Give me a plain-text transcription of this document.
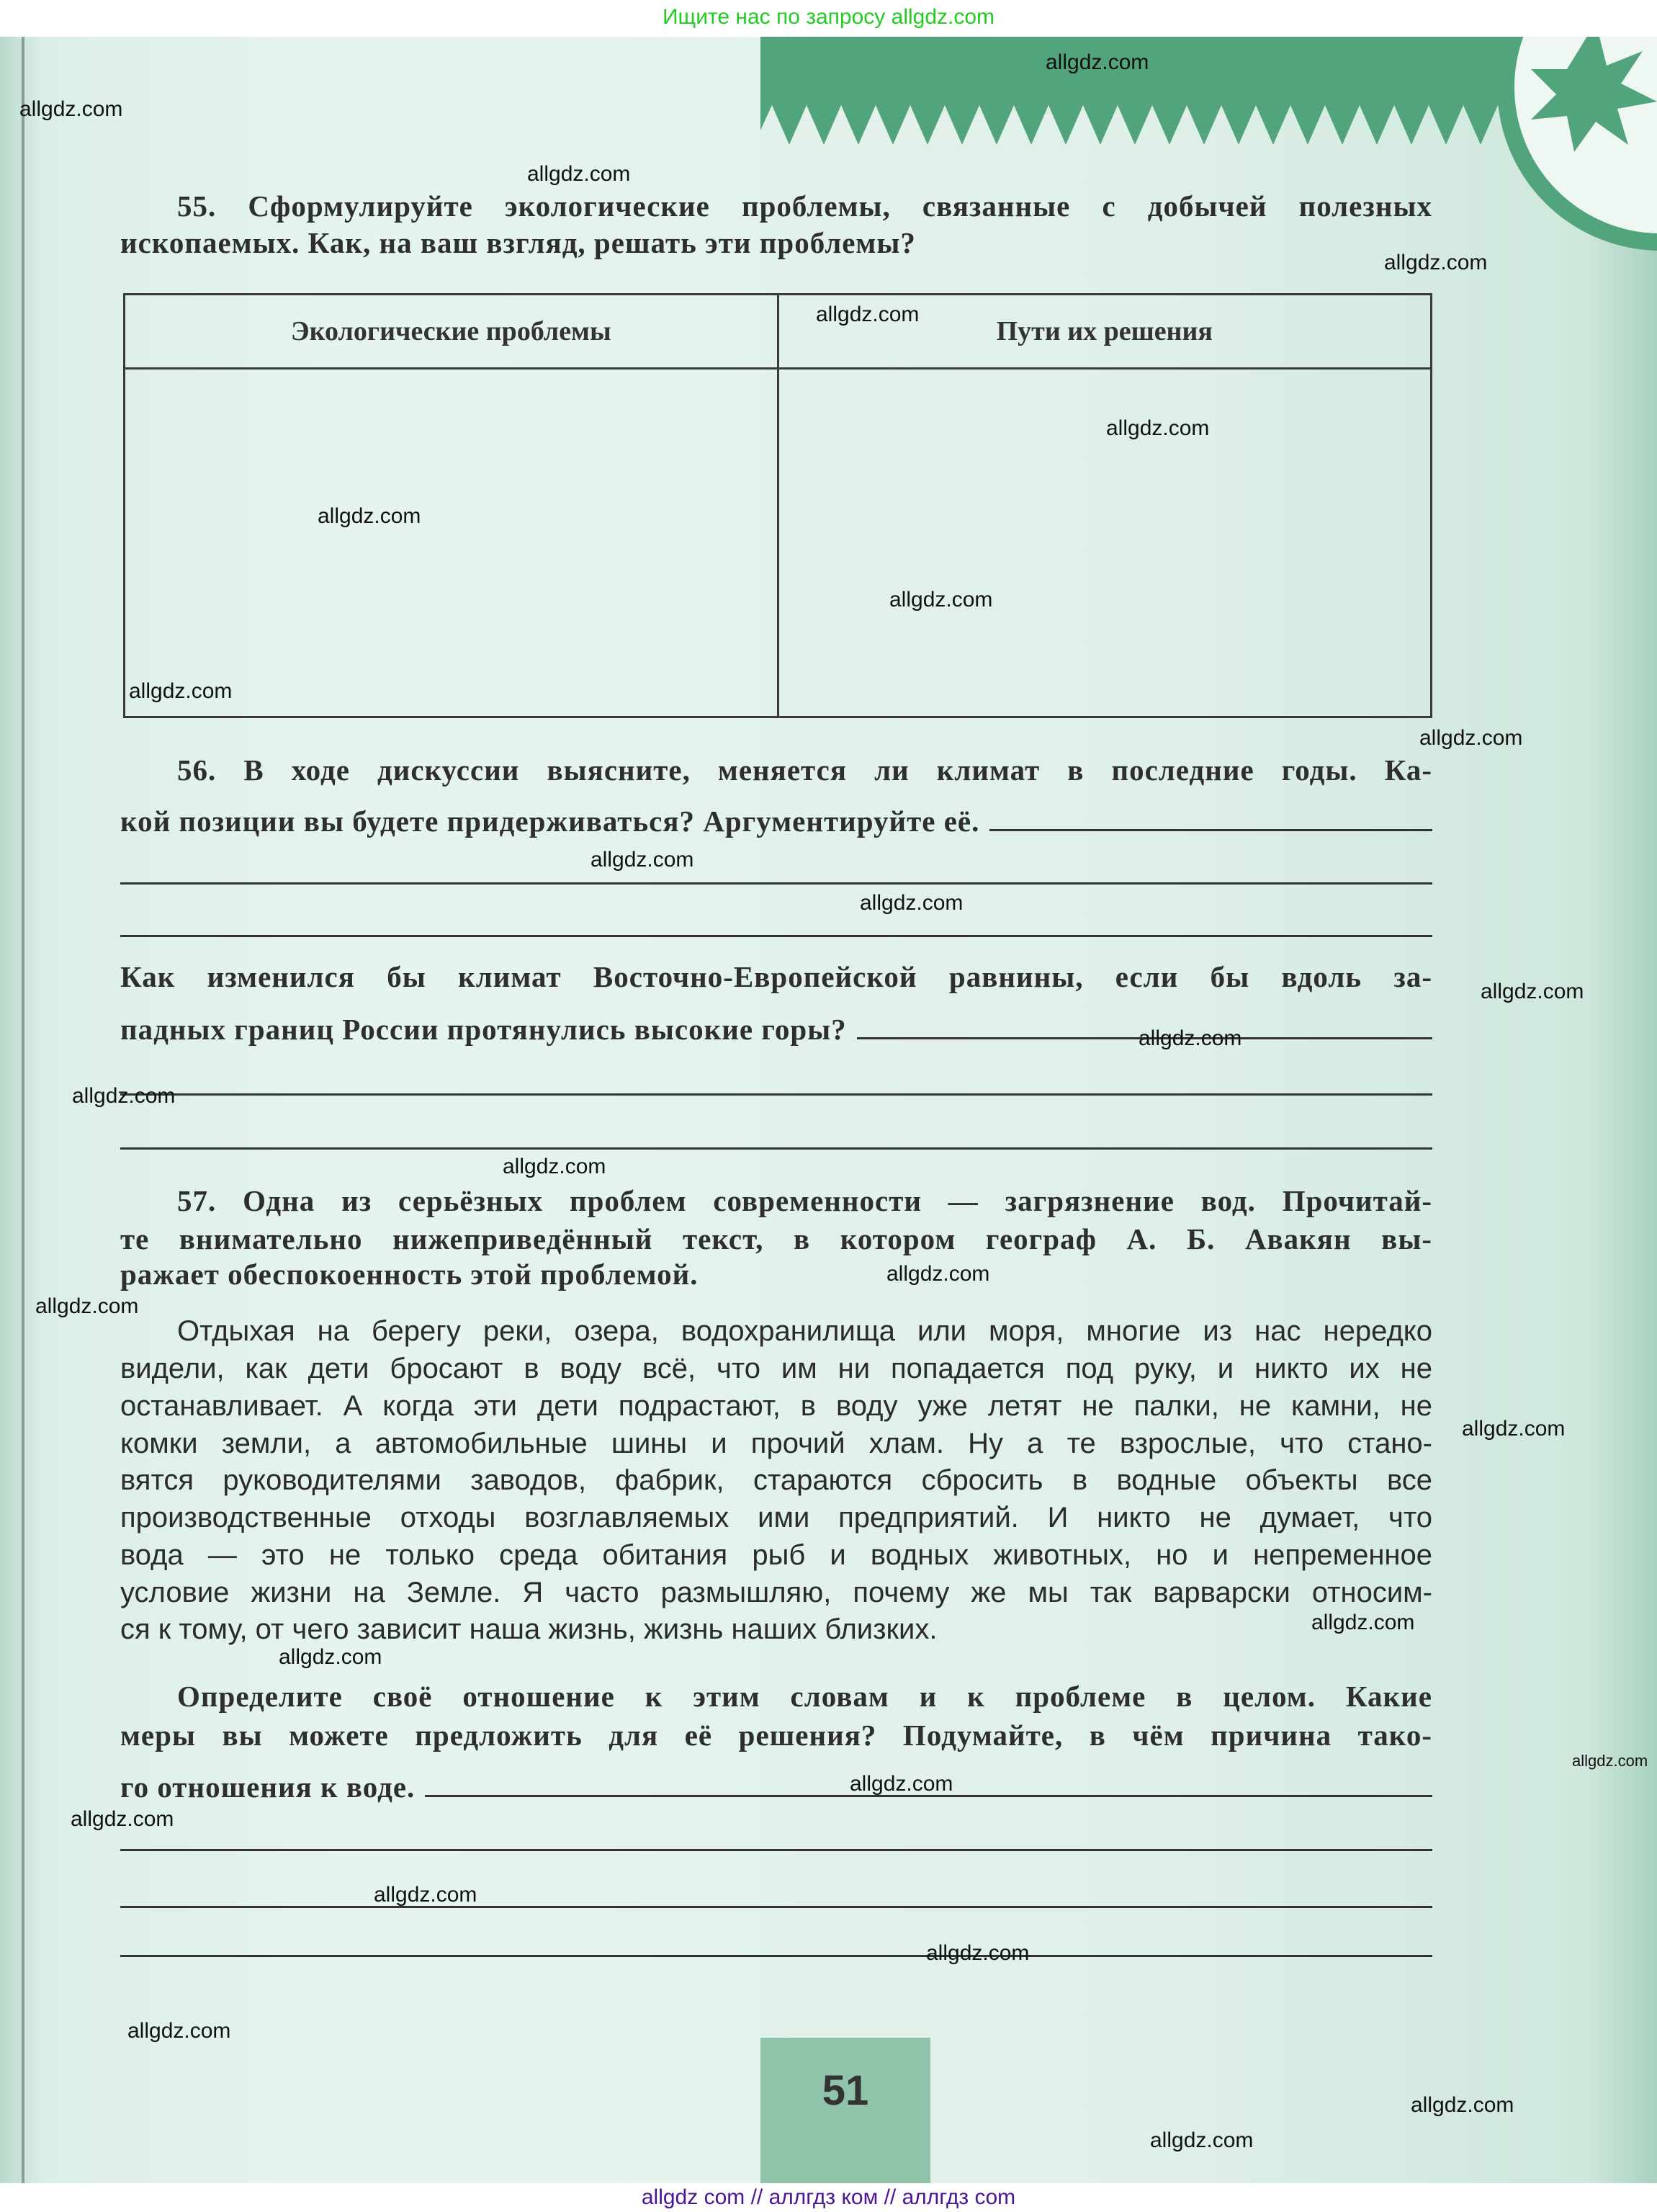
Ищите нас по запросу allgdz.com
55. Сформулируйте экологические проблемы, связанные с добычей полезных
ископаемых. Как, на ваш взгляд, решать эти проблемы?
Экологические проблемы	Пути их решения

56. В ходе дискуссии выясните, меняется ли климат в последние годы. Ка-
кой позиции вы будете придерживаться? Аргументируйте её.
Как изменился бы климат Восточно-Европейской равнины, если бы вдоль за-
падных границ России протянулись высокие горы?
57. Одна из серьёзных проблем современности — загрязнение вод. Прочитай-
те внимательно нижеприведённый текст, в котором географ А. Б. Авакян вы-
ражает обеспокоенность этой проблемой.
Отдыхая на берегу реки, озера, водохранилища или моря, многие из нас нередко
видели, как дети бросают в воду всё, что им ни попадается под руку, и никто их не
останавливает. А когда эти дети подрастают, в воду уже летят не палки, не камни, не
комки земли, а автомобильные шины и прочий хлам. Ну а те взрослые, что стано-
вятся руководителями заводов, фабрик, стараются сбросить в водные объекты все
производственные отходы возглавляемых ими предприятий. И никто не думает, что
вода — это не только среда обитания рыб и водных животных, но и непременное
условие жизни на Земле. Я часто размышляю, почему же мы так варварски относим-
ся к тому, от чего зависит наша жизнь, жизнь наших близких.
Определите своё отношение к этим словам и к проблеме в целом. Какие
меры вы можете предложить для её решения? Подумайте, в чём причина тако-
го отношения к воде.
51
allgdz.com
allgdz.com
allgdz.com
allgdz.com
allgdz.com
allgdz.com
allgdz.com
allgdz.com
allgdz.com
allgdz.com
allgdz.com
allgdz.com
allgdz.com
allgdz.com
allgdz.com
allgdz.com
allgdz.com
allgdz.com
allgdz.com
allgdz.com
allgdz.com
allgdz.com
allgdz.com
allgdz.com
allgdz.com
allgdz.com
allgdz.com
allgdz.com
allgdz.com
allgdz com // аллгдз ком // аллгдз com
